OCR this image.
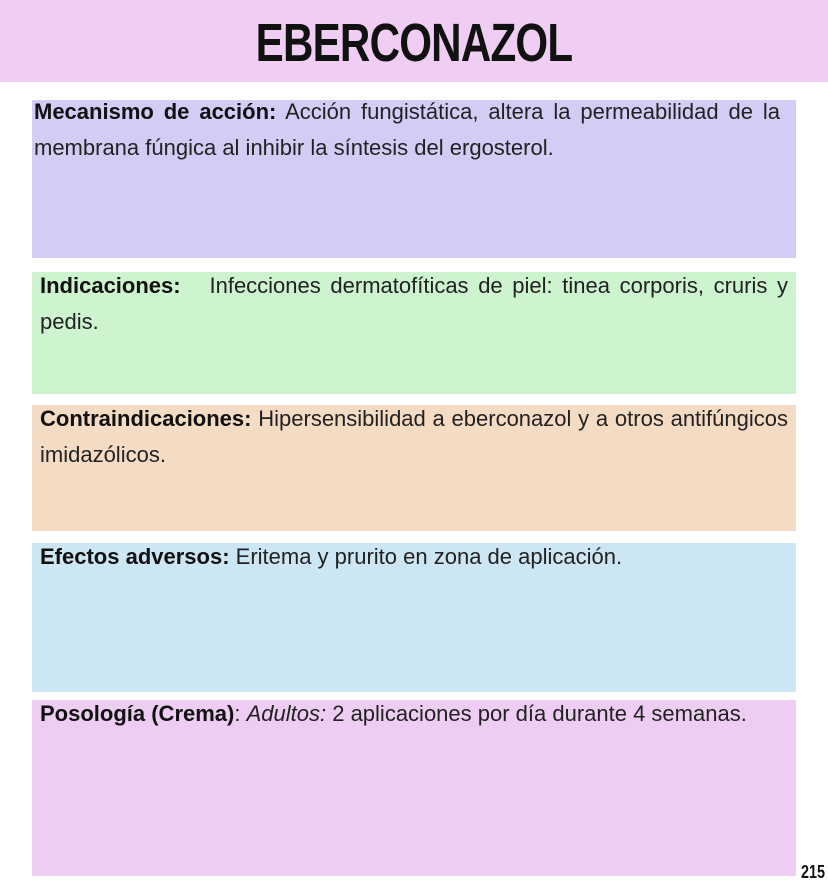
EBERCONAZOL
Mecanismo de acción: Acción fungistática, altera la permeabilidad de la membrana fúngica al inhibir la síntesis del ergosterol.
Indicaciones:   Infecciones dermatofíticas de piel: tinea corporis, cruris y pedis.
Contraindicaciones: Hipersensibilidad a eberconazol y a otros antifúngicos imidazólicos.
Efectos adversos: Eritema y prurito en zona de aplicación.
Posología (Crema): Adultos: 2 aplicaciones por día durante 4 semanas.
215
